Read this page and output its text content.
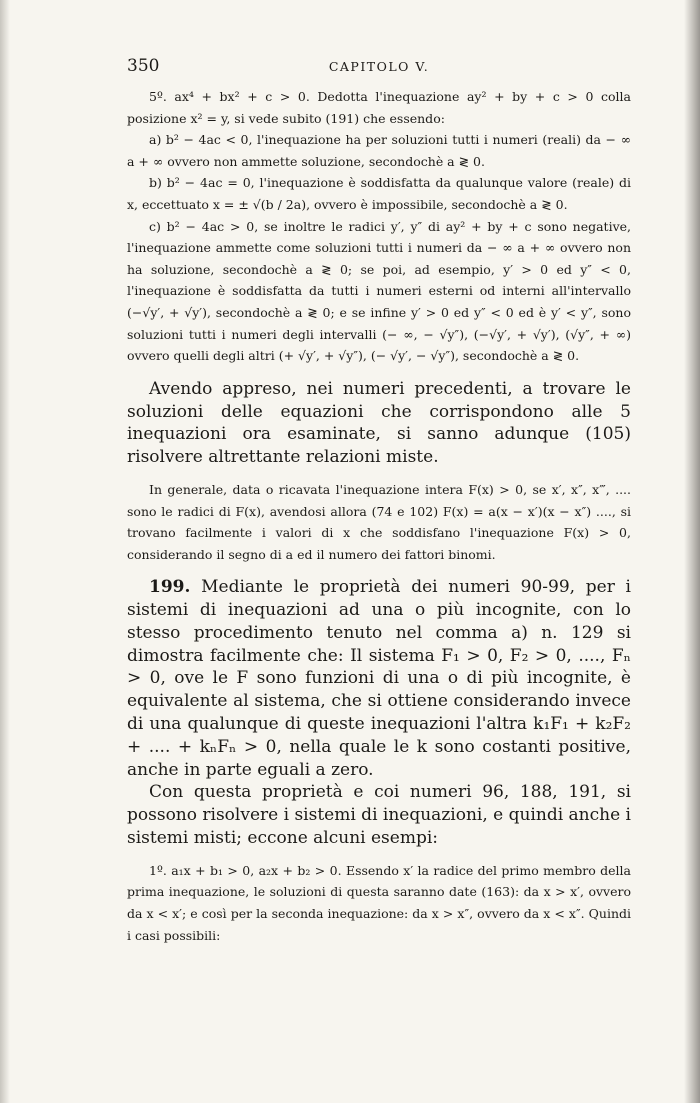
350	CAPITOLO V.

5º. ax⁴ + bx² + c > 0. Dedotta l'inequazione ay² + by + c > 0 colla posizione x² = y, si vede subito (191) che essendo:

a) b² − 4ac < 0, l'inequazione ha per soluzioni tutti i numeri (reali) da − ∞ a + ∞ ovvero non ammette soluzione, secondochè a ≷ 0.

b) b² − 4ac = 0, l'inequazione è soddisfatta da qualunque valore (reale) di x, eccettuato x = ± √(b / 2a), ovvero è impossibile, secondochè a ≷ 0.

c) b² − 4ac > 0, se inoltre le radici y′, y″ di ay² + by + c sono negative, l'inequazione ammette come soluzioni tutti i numeri da − ∞ a + ∞ ovvero non ha soluzione, secondochè a ≷ 0; se poi, ad esempio, y′ > 0 ed y″ < 0, l'inequazione è soddisfatta da tutti i numeri esterni od interni all'intervallo (−√y′, + √y′), secondochè a ≷ 0; e se infine y′ > 0 ed y″ < 0 ed è y′ < y″, sono soluzioni tutti i numeri degli intervalli (− ∞, − √y″), (−√y′, + √y′), (√y″, + ∞) ovvero quelli degli altri (+ √y′, + √y″), (− √y′, − √y″), secondochè a ≷ 0.

Avendo appreso, nei numeri precedenti, a trovare le soluzioni delle equazioni che corrispondono alle 5 inequazioni ora esaminate, si sanno adunque (105) risolvere altrettante relazioni miste.

In generale, data o ricavata l'inequazione intera F(x) > 0, se x′, x″, x‴, .... sono le radici di F(x), avendosi allora (74 e 102) F(x) = a(x − x′)(x − x″) ...., si trovano facilmente i valori di x che soddisfano l'inequazione F(x) > 0, considerando il segno di a ed il numero dei fattori binomi.

199. Mediante le proprietà dei numeri 90-99, per i sistemi di inequazioni ad una o più incognite, con lo stesso procedimento tenuto nel comma a) n. 129 si dimostra facilmente che: Il sistema F₁ > 0, F₂ > 0, ...., Fₙ > 0, ove le F sono funzioni di una o di più incognite, è equivalente al sistema, che si ottiene considerando invece di una qualunque di queste inequazioni l'altra k₁F₁ + k₂F₂ + .... + kₙFₙ > 0, nella quale le k sono costanti positive, anche in parte eguali a zero.

Con questa proprietà e coi numeri 96, 188, 191, si possono risolvere i sistemi di inequazioni, e quindi anche i sistemi misti; eccone alcuni esempi:

1º. a₁x + b₁ > 0, a₂x + b₂ > 0. Essendo x′ la radice del primo membro della prima inequazione, le soluzioni di questa saranno date (163): da x > x′, ovvero da x < x′; e così per la seconda inequazione: da x > x″, ovvero da x < x″. Quindi i casi possibili:
